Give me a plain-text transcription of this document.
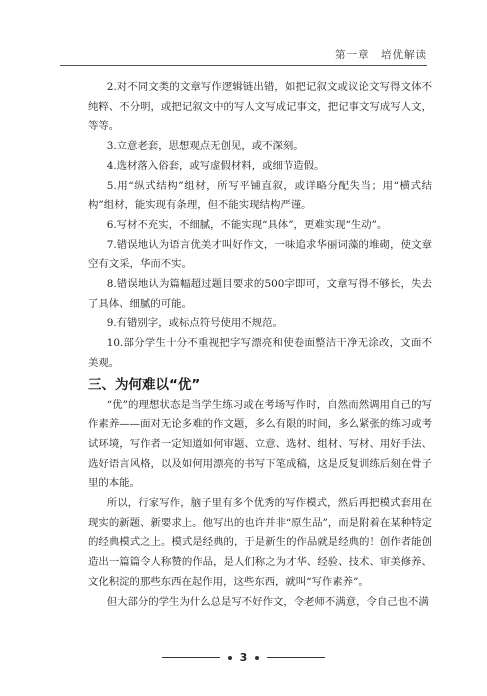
第一章　培优解读

2.对不同文类的文章写作逻辑链出错，如把记叙文或议论文写得文体不纯粹、不分明，或把记叙文中的写人文写成记事文，把记事文写成写人文，等等。

3.立意老套，思想观点无创见，或不深刻。

4.选材落入俗套，或写虚假材料，或细节造假。

5.用“纵式结构”组材，所写平铺直叙，或详略分配失当；用“横式结构”组材，能实现有条理，但不能实现结构严谨。

6.写材不充实，不细腻，不能实现“具体”，更难实现“生动”。

7.错误地认为语言优美才叫好作文，一味追求华丽词藻的堆砌，使文章空有文采，华而不实。

8.错误地认为篇幅超过题目要求的500字即可，文章写得不够长，失去了具体、细腻的可能。

9.有错别字，或标点符号使用不规范。

10.部分学生十分不重视把字写漂亮和使卷面整洁干净无涂改，文面不美观。

三、为何难以“优”

“优”的理想状态是当学生练习或在考场写作时，自然而然调用自己的写作素养——面对无论多难的作文题，多么有限的时间，多么紧张的练习或考试环境，写作者一定知道如何审题、立意、选材、组材、写材、用好手法、选好语言风格，以及如何用漂亮的书写下笔成稿，这是反复训练后刻在骨子里的本能。

所以，行家写作，脑子里有多个优秀的写作模式，然后再把模式套用在现实的新题、新要求上。他写出的也许并非“原生品”，而是附着在某种特定的经典模式之上。模式是经典的，于是新生的作品就是经典的！创作者能创造出一篇篇令人称赞的作品，是人们称之为才华、经验、技术、审美修养、文化积淀的那些东西在起作用，这些东西，就叫“写作素养”。

但大部分的学生为什么总是写不好作文，令老师不满意，令自己也不满

3
